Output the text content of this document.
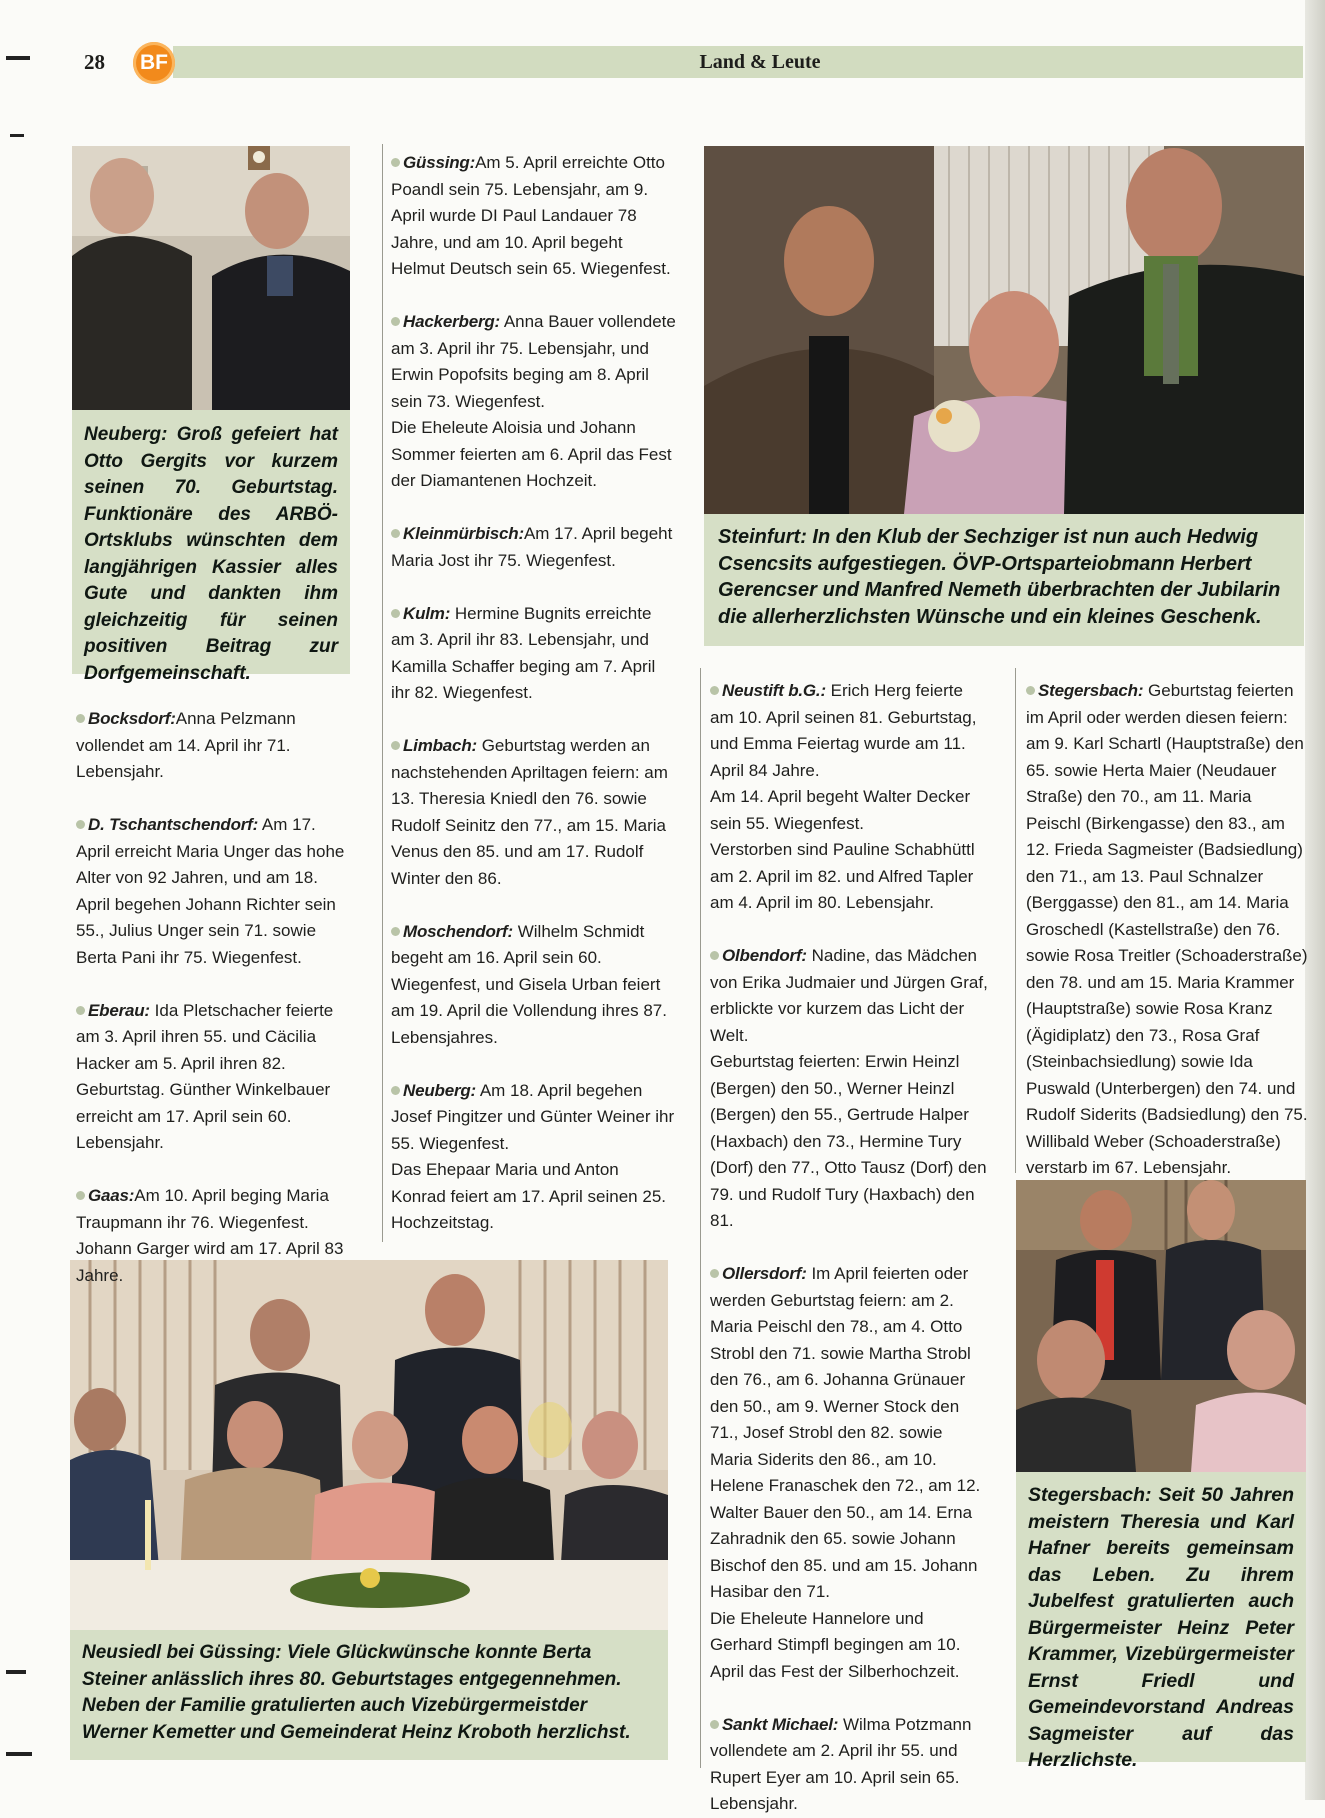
28	BF	Land & Leute
Neuberg: Groß gefeiert hat Otto Gergits vor kurzem seinen 70. Geburtstag. Funktionäre des ARBÖ-Ortsklubs wünschten dem langjährigen Kassier alles Gute und dankten ihm gleichzeitig für seinen positiven Beitrag zur Dorfgemeinschaft.
Steinfurt: In den Klub der Sechziger ist nun auch Hedwig Csencsits aufgestiegen. ÖVP-Ortsparteiobmann Herbert Gerencser und Manfred Nemeth überbrachten der Jubilarin die allerherzlichsten Wünsche und ein kleines Geschenk.
Neusiedl bei Güssing: Viele Glückwünsche konnte Berta Steiner anlässlich ihres 80. Geburtstages entgegennehmen. Neben der Familie gratulierten auch Vizebürgermeistder Werner Kemetter und Gemeinderat Heinz Kroboth herzlichst.
Stegersbach: Seit 50 Jahren meistern Theresia und Karl Hafner bereits gemeinsam das Leben. Zu ihrem Jubelfest gratulierten auch Bürgermeister Heinz Peter Krammer, Vizebürgermeister Ernst Friedl und Gemeindevorstand Andreas Sagmeister auf das Herzlichste.

Bocksdorf:Anna Pelzmann vollendet am 14. April ihr 71. Lebensjahr.

D. Tschantschendorf: Am 17. April erreicht Maria Unger das hohe Alter von 92 Jahren, und am 18. April begehen Johann Richter sein 55., Julius Unger sein 71. sowie Berta Pani ihr 75. Wiegenfest.

Eberau: Ida Pletschacher feierte am 3. April ihren 55. und Cäcilia Hacker am 5. April ihren 82. Geburtstag. Günther Winkelbauer erreicht am 17. April sein 60. Lebensjahr.

Gaas:Am 10. April beging Maria Traupmann ihr 76. Wiegenfest. Johann Garger wird am 17. April 83 Jahre.

Güssing:Am 5. April erreichte Otto Poandl sein 75. Lebensjahr, am 9. April wurde DI Paul Landauer 78 Jahre, und am 10. April begeht Helmut Deutsch sein 65. Wiegenfest.

Hackerberg: Anna Bauer vollendete am 3. April ihr 75. Lebensjahr, und Erwin Popofsits beging am 8. April sein 73. Wiegenfest.
Die Eheleute Aloisia und Johann Sommer feierten am 6. April das Fest der Diamantenen Hochzeit.

Kleinmürbisch:Am 17. April begeht Maria Jost ihr 75. Wiegenfest.

Kulm: Hermine Bugnits erreichte am 3. April ihr 83. Lebensjahr, und Kamilla Schaffer beging am 7. April ihr 82. Wiegenfest.

Limbach: Geburtstag werden an nachstehenden Apriltagen feiern: am 13. Theresia Kniedl den 76. sowie Rudolf Seinitz den 77., am 15. Maria Venus den 85. und am 17. Rudolf Winter den 86.

Moschendorf: Wilhelm Schmidt begeht am 16. April sein 60. Wiegenfest, und Gisela Urban feiert am 19. April die Vollendung ihres 87. Lebensjahres.

Neuberg: Am 18. April begehen Josef Pingitzer und Günter Weiner ihr 55. Wiegenfest.
Das Ehepaar Maria und Anton Konrad feiert am 17. April seinen 25. Hochzeitstag.

Neustift b.G.: Erich Herg feierte am 10. April seinen 81. Geburtstag, und Emma Feiertag wurde am 11. April 84 Jahre.
Am 14. April begeht Walter Decker sein 55. Wiegenfest.
Verstorben sind Pauline Schabhüttl am 2. April im 82. und Alfred Tapler am 4. April im 80. Lebensjahr.

Olbendorf: Nadine, das Mädchen von Erika Judmaier und Jürgen Graf, erblickte vor kurzem das Licht der Welt.
Geburtstag feierten: Erwin Heinzl (Bergen) den 50., Werner Heinzl (Bergen) den 55., Gertrude Halper (Haxbach) den 73., Hermine Tury (Dorf) den 77., Otto Tausz (Dorf) den 79. und Rudolf Tury (Haxbach) den 81.

Ollersdorf: Im April feierten oder werden Geburtstag feiern: am 2. Maria Peischl den 78., am 4. Otto Strobl den 71. sowie Martha Strobl den 76., am 6. Johanna Grünauer den 50., am 9. Werner Stock den 71., Josef Strobl den 82. sowie Maria Siderits den 86., am 10. Helene Franaschek den 72., am 12. Walter Bauer den 50., am 14. Erna Zahradnik den 65. sowie Johann Bischof den 85. und am 15. Johann Hasibar den 71.
Die Eheleute Hannelore und Gerhard Stimpfl begingen am 10. April das Fest der Silberhochzeit.

Sankt Michael: Wilma Potzmann vollendete am 2. April ihr 55. und Rupert Eyer am 10. April sein 65. Lebensjahr.

Stegersbach: Geburtstag feierten im April oder werden diesen feiern: am 9. Karl Schartl (Hauptstraße) den 65. sowie Herta Maier (Neudauer Straße) den 70., am 11. Maria Peischl (Birkengasse) den 83., am 12. Frieda Sagmeister (Badsiedlung) den 71., am 13. Paul Schnalzer (Berggasse) den 81., am 14. Maria Groschedl (Kastellstraße) den 76. sowie Rosa Treitler (Schoaderstraße) den 78. und am 15. Maria Krammer (Hauptstraße) sowie Rosa Kranz (Ägidiplatz) den 73., Rosa Graf (Steinbachsiedlung) sowie Ida Puswald (Unterbergen) den 74. und Rudolf Siderits (Badsiedlung) den 75. Willibald Weber (Schoaderstraße) verstarb im 67. Lebensjahr.
